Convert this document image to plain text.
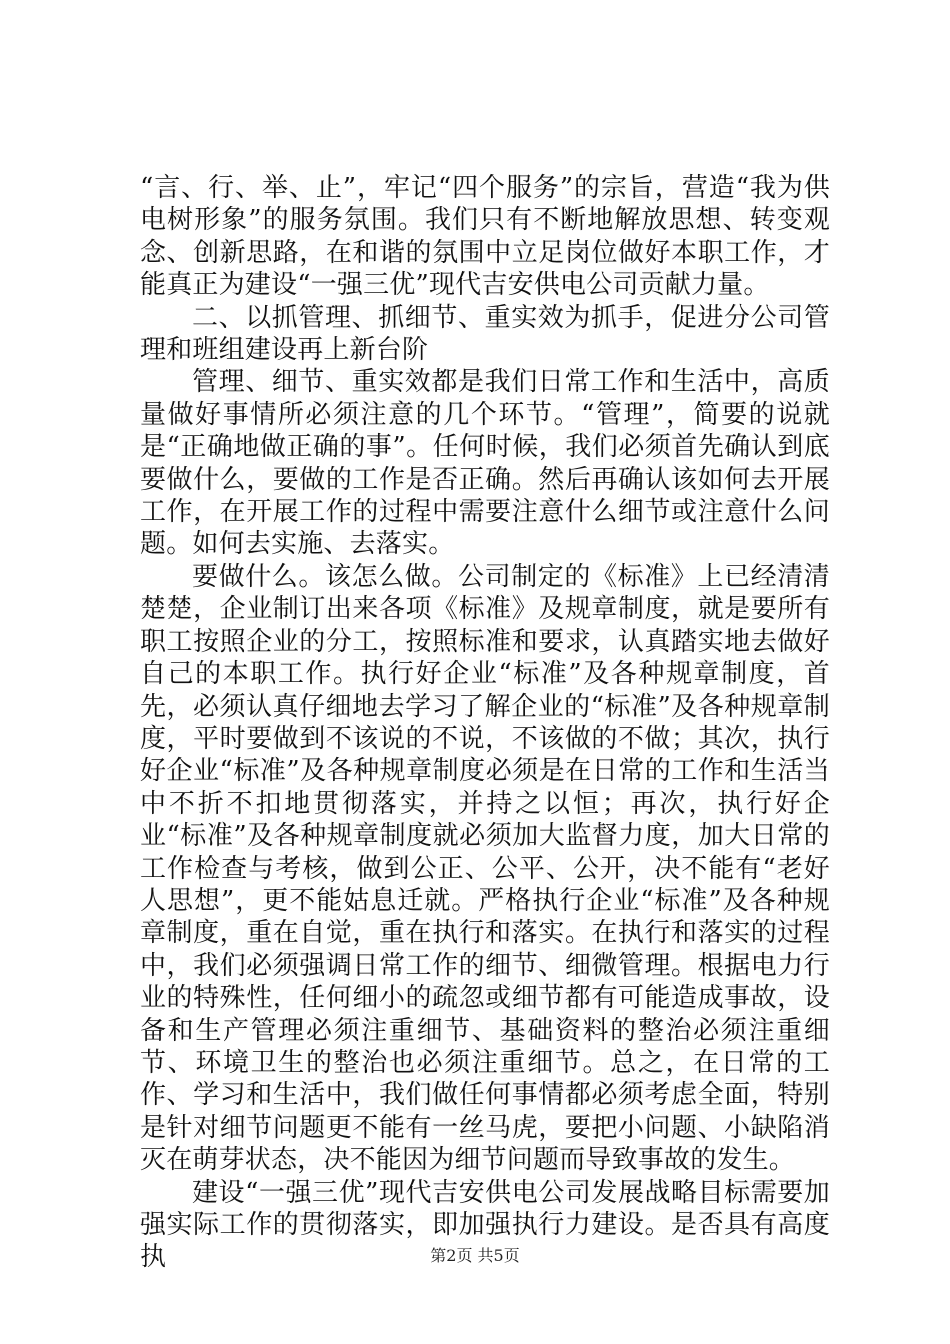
“言、行、举、止”，牢记“四个服务”的宗旨，营造“我为供电树形象”的服务氛围。我们只有不断地解放思想、转变观念、创新思路，在和谐的氛围中立足岗位做好本职工作，才能真正为建设“一强三优”现代吉安供电公司贡献力量。

二、以抓管理、抓细节、重实效为抓手，促进分公司管理和班组建设再上新台阶

管理、细节、重实效都是我们日常工作和生活中，高质量做好事情所必须注意的几个环节。“管理”，简要的说就是“正确地做正确的事”。任何时候，我们必须首先确认到底要做什么，要做的工作是否正确。然后再确认该如何去开展工作，在开展工作的过程中需要注意什么细节或注意什么问题。如何去实施、去落实。

要做什么。该怎么做。公司制定的《标准》上已经清清楚楚，企业制订出来各项《标准》及规章制度，就是要所有职工按照企业的分工，按照标准和要求，认真踏实地去做好自己的本职工作。执行好企业“标准”及各种规章制度，首先，必须认真仔细地去学习了解企业的“标准”及各种规章制度，平时要做到不该说的不说，不该做的不做；其次，执行好企业“标准”及各种规章制度必须是在日常的工作和生活当中不折不扣地贯彻落实，并持之以恒；再次，执行好企业“标准”及各种规章制度就必须加大监督力度，加大日常的工作检查与考核，做到公正、公平、公开，决不能有“老好人思想”，更不能姑息迁就。严格执行企业“标准”及各种规章制度，重在自觉，重在执行和落实。在执行和落实的过程中，我们必须强调日常工作的细节、细微管理。根据电力行业的特殊性，任何细小的疏忽或细节都有可能造成事故，设备和生产管理必须注重细节、基础资料的整治必须注重细节、环境卫生的整治也必须注重细节。总之，在日常的工作、学习和生活中，我们做任何事情都必须考虑全面，特别是针对细节问题更不能有一丝马虎，要把小问题、小缺陷消灭在萌芽状态，决不能因为细节问题而导致事故的发生。

建设“一强三优”现代吉安供电公司发展战略目标需要加强实际工作的贯彻落实，即加强执行力建设。是否具有高度执	第2页 共5页
